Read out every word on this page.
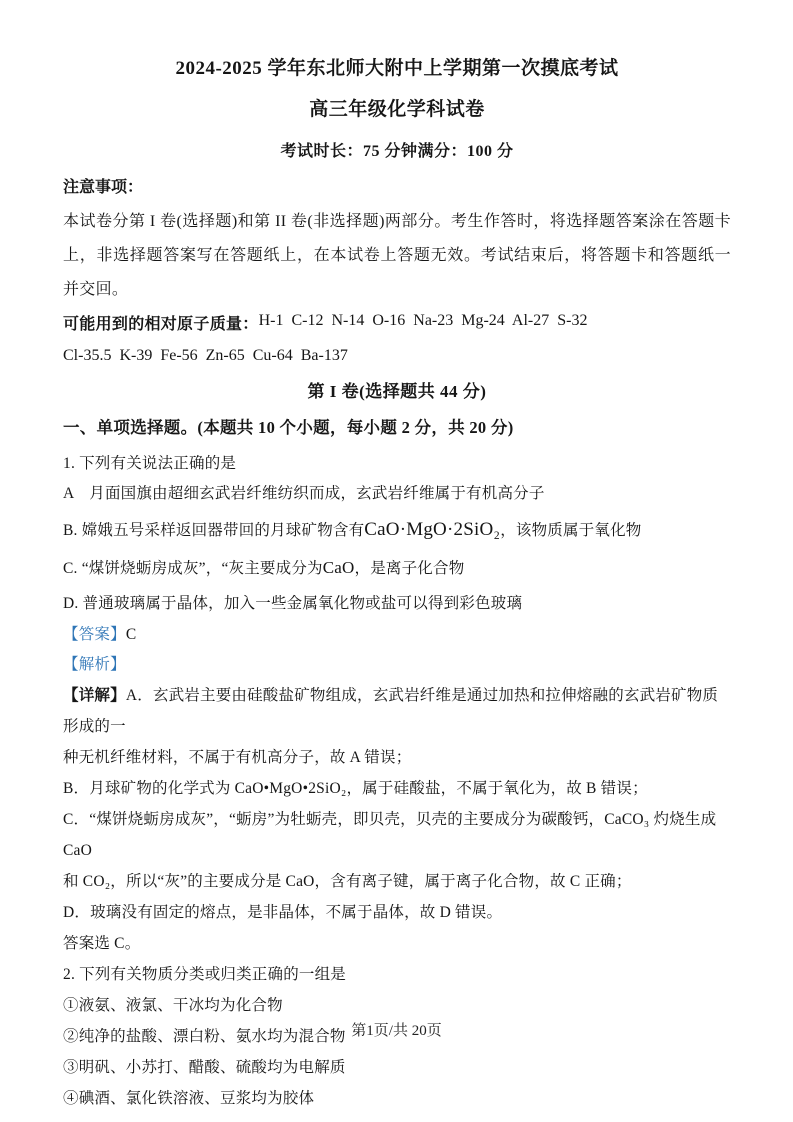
2024-2025 学年东北师大附中上学期第一次摸底考试
高三年级化学科试卷
考试时长：75 分钟满分：100 分
注意事项：
本试卷分第 I 卷(选择题)和第 II 卷(非选择题)两部分。考生作答时，将选择题答案涂在答题卡
上，非选择题答案写在答题纸上，在本试卷上答题无效。考试结束后，将答题卡和答题纸一
并交回。
可能用到的相对原子质量：H-1  C-12  N-14  O-16  Na-23  Mg-24  Al-27  S-32
Cl-35.5  K-39  Fe-56  Zn-65  Cu-64  Ba-137
第 I 卷(选择题共 44 分)
一、单项选择题。(本题共 10 个小题，每小题 2 分，共 20 分)
1. 下列有关说法正确的是
A　月面国旗由超细玄武岩纤维纺织而成，玄武岩纤维属于有机高分子
B. 嫦娥五号采样返回器带回的月球矿物含有CaO·MgO·2SiO₂，该物质属于氧化物
C. “煤饼烧蛎房成灰”，“灰主要成分为CaO，是离子化合物
D. 普通玻璃属于晶体，加入一些金属氧化物或盐可以得到彩色玻璃
【答案】C
【解析】
【详解】A．玄武岩主要由硅酸盐矿物组成，玄武岩纤维是通过加热和拉伸熔融的玄武岩矿物质形成的一
种无机纤维材料，不属于有机高分子，故 A 错误；
B．月球矿物的化学式为 CaO•MgO•2SiO₂，属于硅酸盐，不属于氧化为，故 B 错误；
C．“煤饼烧蛎房成灰”，“蛎房”为牡蛎壳，即贝壳，贝壳的主要成分为碳酸钙，CaCO₃ 灼烧生成 CaO
和 CO₂，所以“灰”的主要成分是 CaO，含有离子键，属于离子化合物，故 C 正确；
D．玻璃没有固定的熔点，是非晶体，不属于晶体，故 D 错误。
答案选 C。
2. 下列有关物质分类或归类正确的一组是
①液氨、液氯、干冰均为化合物
②纯净的盐酸、漂白粉、氨水均为混合物
③明矾、小苏打、醋酸、硫酸均为电解质
④碘酒、氯化铁溶液、豆浆均为胶体
第1页/共 20页
